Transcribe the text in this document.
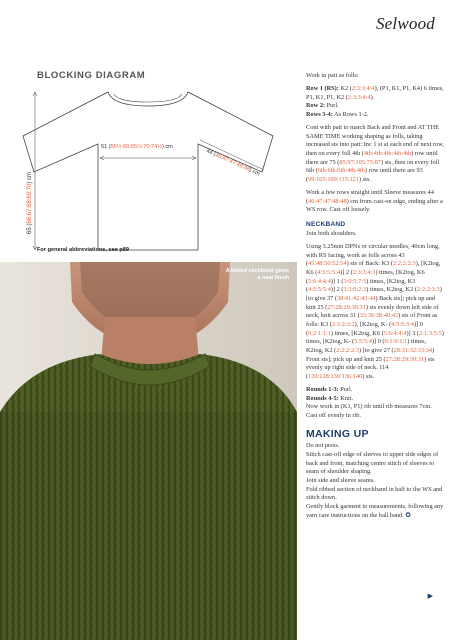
Selwood
BLOCKING DIAGRAM
65 (66:67:68:69:70) cm
51 (55½:60:65½:70:74½) cm
44 (46:47:47:48:48) cm
For general abbreviations, see p89
A folded neckband gives a neat finish

Work in patt as folls:

Row 1 (RS): K2 (2:3:3:4:4), (P1, K1, P1, K4) 6 times, P1, K1, P1, K2 (2:3:3:4:4).

Row 2: Purl.

Rows 3-4: As Rows 1-2.

Cont with patt to match Back and Front and AT THE SAME TIME working shaping as folls, taking increased sts into patt: Inc 1 st at each end of next row, then on every foll 4th (4th:4th:4th:4th:4th) row until there are 75 (85:97:105:75:87) sts, then on every foll 6th (6th:6th:6th:4th:4th) row until there are 93 (99:105:109:115:121) sts.

Work a few rows straight until Sleeve measures 44 (46:47:47:48:48) cm from cast-on edge, ending after a WS row. Cast off loosely.

NECKBAND

Join both shoulders.

Using 3.25mm DPNs or circular needles, 40cm long, with RS facing, work as folls across 43 (45:48:50:52:54) sts of Back: K3 (2:2:2:2:3), [K2tog, K6 (4:5:5:5:4)] 2 (2:3:3:4:3) times, [K2tog, K6 (5:6:4:4:4)] 1 (3:0:5:7:5) times, [K2tog, K3 (4:5:5:5:4)] 2 (3:3:0:2:3) times, K2tog, K2 (2:2:2:3:3) [to give 37 (38:41:42:43:44) Back sts]; pick up and knit 25 (27:28:29:30:31) sts evenly down left side of neck, knit across 31 (33:36:38:40:42) sts of Front as folls: K3 (2:3:2:3:2), [K2tog, K- (4:5:5:3:4)] 0 (0:2:1:1:1) times, [K2tog, K6 (5:6:4:4:4)] 3 (2:1:3:5:5) times, [K2tog, K- (5:5:5:4)] 0 (0:1:0:1:1) times, K2tog, K2 (2:2:2:2:3) [to give 27 (28:31:32:33:34) Front sts]; pick up and knit 25 (27:28:29:30:31) sts evenly up right side of neck. 114 (120:128:130:136:140) sts.

Rounds 1-3: Purl.

Rounds 4-5: Knit.

Now work in (K1, P1) rib until rib measures 7cm.

Cast off evenly in rib.

MAKING UP

Do not press.

Stitch cast-off edge of sleeves to upper side edges of back and front, matching centre stitch of sleeves to seam of shoulder shaping.

Join side and sleeve seams.

Fold ribbed section of neckband in half to the WS and stitch down.

Gently block garment to measurements, following any yarn care instructions on the ball band. ✪

▶
